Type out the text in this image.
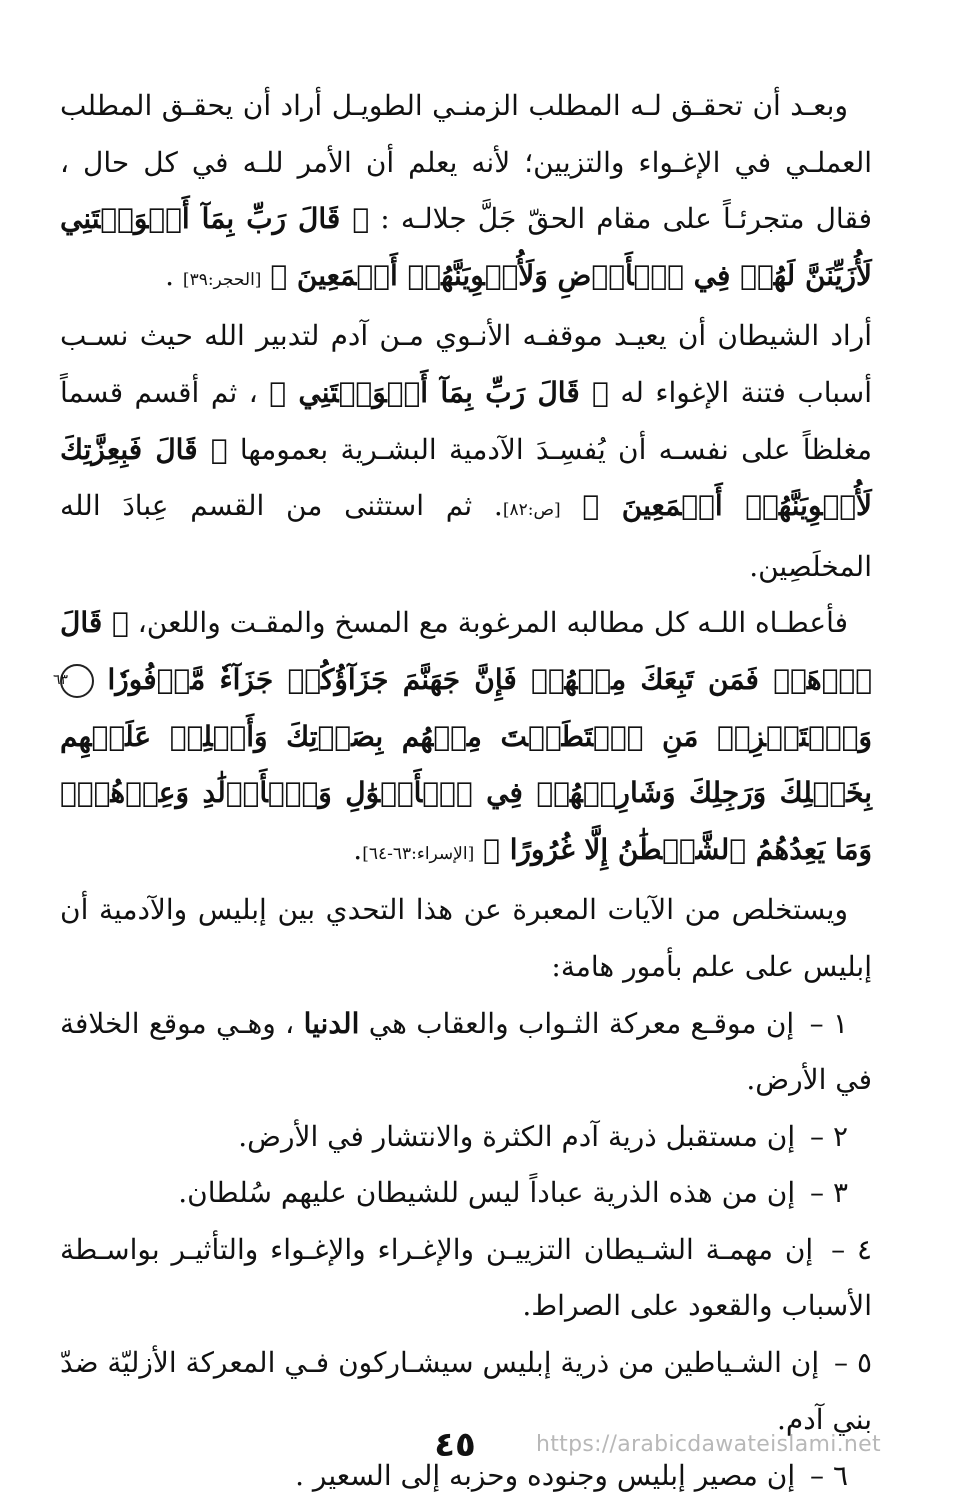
وبعـد أن تحقـق لـه المطلب الزمنـي الطويـل أراد أن يحقـق المطلب العملـي في الإغـواء والتزيين؛ لأنه يعلم أن الأمر للـه في كل حال ، فقال متجرئـاً على مقام الحقّ جَلَّ جلالـه : ﴿ قَالَ رَبِّ بِمَآ أَغۡوَيۡتَنِي لَأُزَيِّنَنَّ لَهُمۡ فِي ٱلۡأَرۡضِ وَلَأُغۡوِيَنَّهُمۡ أَجۡمَعِينَ ﴾ [الحجر:٣٩] .

أراد الشيطان أن يعيـد موقفـه الأنـوي مـن آدم لتدبير الله حيث نسـب أسباب فتنة الإغواء له ﴿ قَالَ رَبِّ بِمَآ أَغۡوَيۡتَنِي ﴾ ، ثم أقسم قسماً مغلظاً على نفسـه أن يُفسِـدَ الآدمية البشـرية بعمومها ﴿ قَالَ فَبِعِزَّتِكَ لَأُغۡوِيَنَّهُمۡ أَجۡمَعِينَ ﴾ [ص:٨٢]. ثم استثنى من القسم عِبادَ الله المخلَصِين.

فأعطـاه اللـه كل مطالبه المرغوبة مع المسخ والمقـت واللعن، ﴿ قَالَ ٱذۡهَبۡ فَمَن تَبِعَكَ مِنۡهُمۡ فَإِنَّ جَهَنَّمَ جَزَآؤُكُمۡ جَزَآءٗ مَّوۡفُورٗا ٦٣ وَٱسۡتَفۡزِزۡ مَنِ ٱسۡتَطَعۡتَ مِنۡهُم بِصَوۡتِكَ وَأَجۡلِبۡ عَلَيۡهِم بِخَيۡلِكَ وَرَجِلِكَ وَشَارِكۡهُمۡ فِي ٱلۡأَمۡوَٰلِ وَٱلۡأَوۡلَٰدِ وَعِدۡهُمۡۚ وَمَا يَعِدُهُمُ ٱلشَّيۡطَٰنُ إِلَّا غُرُورًا ﴾ [الإسراء:٦٣-٦٤].

ويستخلص من الآيات المعبرة عن هذا التحدي بين إبليس والآدمية أن إبليس على علم بأمور هامة:

١ – إن موقـع معركة الثـواب والعقاب هي الدنيا ، وهـي موقع الخلافة في الأرض.

٢ – إن مستقبل ذرية آدم الكثرة والانتشار في الأرض.

٣ – إن من هذه الذرية عباداً ليس للشيطان عليهم سُلطان.

٤ – إن مهمـة الشـيطان التزييـن والإغـراء والإغـواء والتأثيـر بواسـطة الأسباب والقعود على الصراط.

٥ – إن الشـياطين من ذرية إبليس سيشـاركون فـي المعركة الأزليّة ضدّ بني آدم.

٦ – إن مصير إبليس وجنوده وحزبه إلى السعير .

٤٥	https://arabicdawateislami.net
